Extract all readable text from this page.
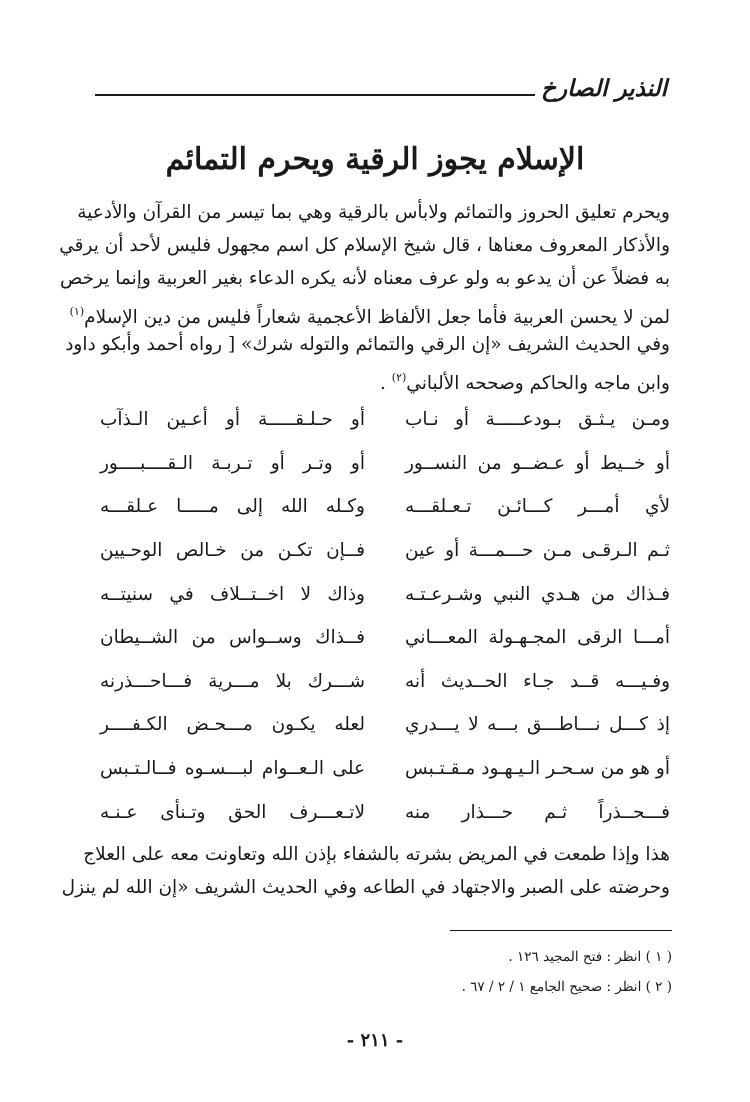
النذير الصارخ
الإسلام يجوز الرقية ويحرم التمائم
ويحرم تعليق الحروز والتمائم ولابأس بالرقية وهي بما تيسر من القرآن والأدعية
والأذكار المعروف معناها ، قال شيخ الإسلام كل اسم مجهول فليس لأحد أن يرقي
به فضلاً عن أن يدعو به ولو عرف معناه لأنه يكره الدعاء بغير العربية وإنما يرخص
لمن لا يحسن العربية فأما جعل الألفاظ الأعجمية شعاراً فليس من دين الإسلام$^{(١)}$
وفي الحديث الشريف «إن الرقي والتمائم والتوله شرك» [ رواه أحمد وأبكو داود
وابن ماجه والحاكم وصححه الألباني$^{(٢)}$ .
ومـن يـثـق بـودعـــــة أو نـاب
أو حـلـقـــــة أو أعـين الـذآب
أو خــيط أو عـضــو من النســور
أو وتـر أو تـربـة الـقــــبــــور
لأي أمـــر كـــائـن تـعـلقـــه
وكـله الله إلى مـــــا عـلقـــه
ثـم الـرقـى مـن حـــمـــة أو عين
فــإن تكـن من خـالص الوحـيين
فـذاك من هـدي النبي وشـرعـتـه
وذاك لا اخــتــلاف في سنيتــه
أمـــا الرقى المجـهـولة المعـــاني
فــذاك وســواس من الشــيطان
وفـيـــه قــد جـاء الحــديث أنه
شـــرك بلا مـــرية فـــاحـــذرنه
إذ كـــل نـــاطـــق بـــه لا يـــدري
لعله يكـون مـــحـض الكـفــــر
أو هو من سـحـر الـيـهـود مـقـتـبس
على الـعــوام لبـــسـوه فــالـتـبس
فـــحــذراً ثـم حـــذار منه
لاتـعـــرف الحق وتـنأى عـنـه
هذا وإذا طمعت في المريض بشرته بالشفاء بإذن الله وتعاونت معه على العلاج
وحرضته على الصبر والاجتهاد في الطاعه وفي الحديث الشريف «إن الله لم ينزل
( ١ ) انظر : فتح المجيد ١٢٦ .
( ٢ ) انظر : صحيح الجامع ١ / ٢ / ٦٧ .
- ٢١١ -
